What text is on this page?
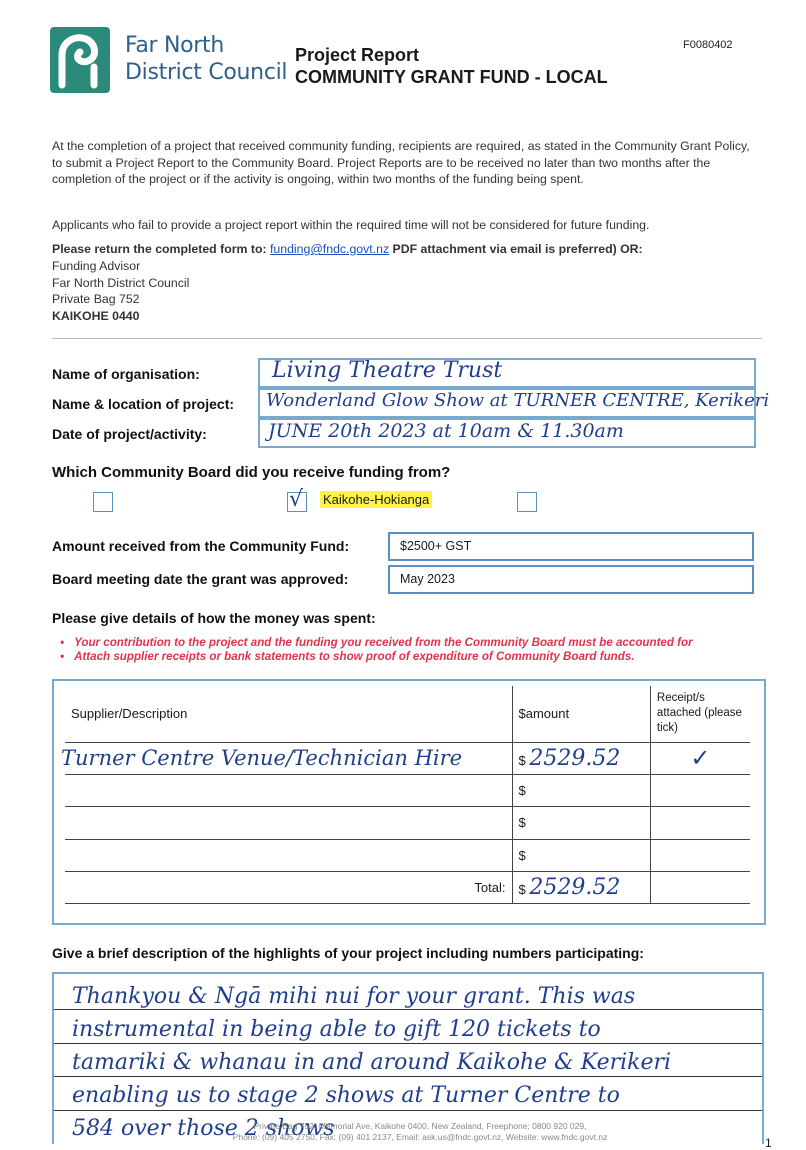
Far North
District Council
Project Report
COMMUNITY GRANT FUND - LOCAL
F0080402
At the completion of a project that received community funding, recipients are required, as stated in the Community Grant Policy, to submit a Project Report to the Community Board. Project Reports are to be received no later than two months after the completion of the project or if the activity is ongoing, within two months of the funding being spent.
Applicants who fail to provide a project report within the required time will not be considered for future funding.
Please return the completed form to: funding@fndc.govt.nz PDF attachment via email is preferred) OR:
Funding Advisor
Far North District Council
Private Bag 752
KAIKOHE 0440
Name of organisation:	Living Theatre Trust
Name & location of project: Wonderland Glow Show at TURNER CENTRE, Kerikeri
Date of project/activity:	JUNE 20th 2023 at 10am & 11.30am
Which Community Board did you receive funding from?
√ Kaikohe-Hokianga
Amount received from the Community Fund:	$2500+ GST
Board meeting date the grant was approved:	May 2023
Please give details of how the money was spent:
• Your contribution to the project and the funding you received from the Community Board must be accounted for
• Attach supplier receipts or bank statements to show proof of expenditure of Community Board funds.
Supplier/Description	$amount	Receipt/s attached (please tick)
Turner Centre Venue/Technician Hire	$ 2529.52	✓
	$	
	$	
	$	
Total:	$ 2529.52	
Give a brief description of the highlights of your project including numbers participating:
Thankyou & Ngā mihi nui for your grant. This was
instrumental in being able to gift 120 tickets to
tamariki & whanau in and around Kaikohe & Kerikeri
enabling us to stage 2 shows at Turner Centre to
584 over those 2 shows
Private Bag 752, Memorial Ave, Kaikohe 0400, New Zealand, Freephone: 0800 920 029,
Phone: (09) 405 2750, Fax: (09) 401 2137, Email: ask.us@fndc.govt.nz, Website: www.fndc.govt.nz	1
